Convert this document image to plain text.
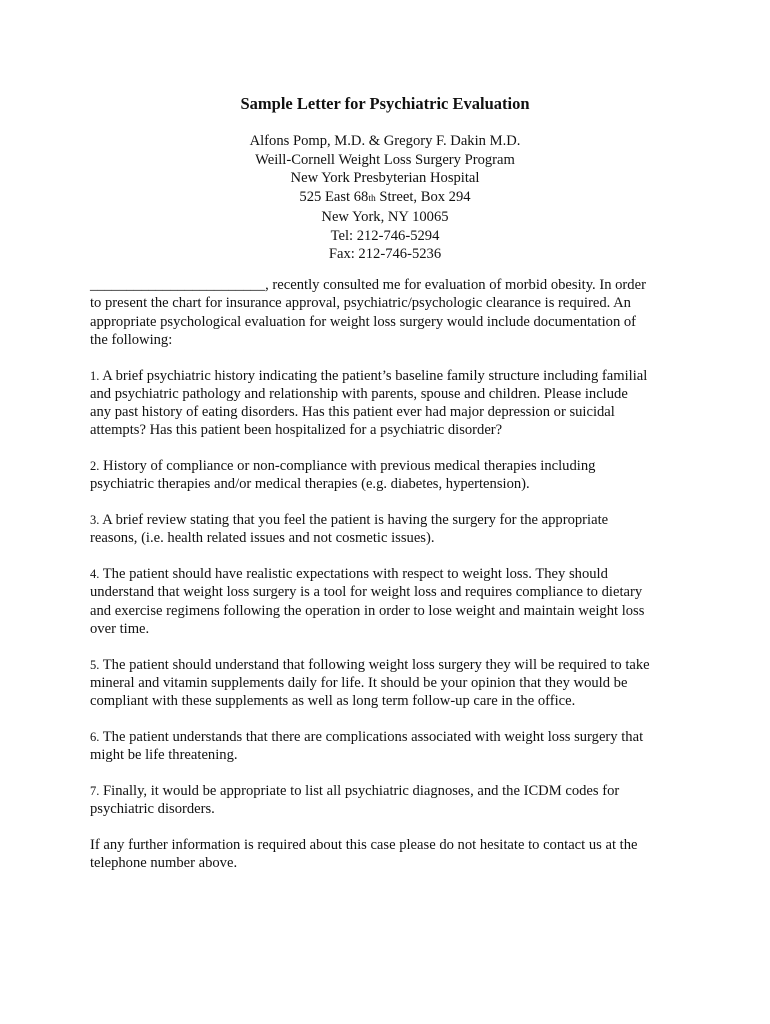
Sample Letter for Psychiatric Evaluation
Alfons Pomp, M.D. & Gregory F. Dakin M.D.
Weill-Cornell Weight Loss Surgery Program
New York Presbyterian Hospital
525 East 68th Street, Box 294
New York, NY 10065
Tel: 212-746-5294
Fax: 212-746-5236

________________________, recently consulted me for evaluation of morbid obesity. In order to present the chart for insurance approval, psychiatric/psychologic clearance is required. An appropriate psychological evaluation for weight loss surgery would include documentation of the following:

1. A brief psychiatric history indicating the patient’s baseline family structure including familial and psychiatric pathology and relationship with parents, spouse and children. Please include any past history of eating disorders. Has this patient ever had major depression or suicidal attempts? Has this patient been hospitalized for a psychiatric disorder?

2. History of compliance or non-compliance with previous medical therapies including psychiatric therapies and/or medical therapies (e.g. diabetes, hypertension).

3. A brief review stating that you feel the patient is having the surgery for the appropriate reasons, (i.e. health related issues and not cosmetic issues).

4. The patient should have realistic expectations with respect to weight loss. They should understand that weight loss surgery is a tool for weight loss and requires compliance to dietary and exercise regimens following the operation in order to lose weight and maintain weight loss over time.

5. The patient should understand that following weight loss surgery they will be required to take mineral and vitamin supplements daily for life. It should be your opinion that they would be compliant with these supplements as well as long term follow-up care in the office.

6. The patient understands that there are complications associated with weight loss surgery that might be life threatening.

7. Finally, it would be appropriate to list all psychiatric diagnoses, and the ICDM codes for psychiatric disorders.

If any further information is required about this case please do not hesitate to contact us at the telephone number above.
